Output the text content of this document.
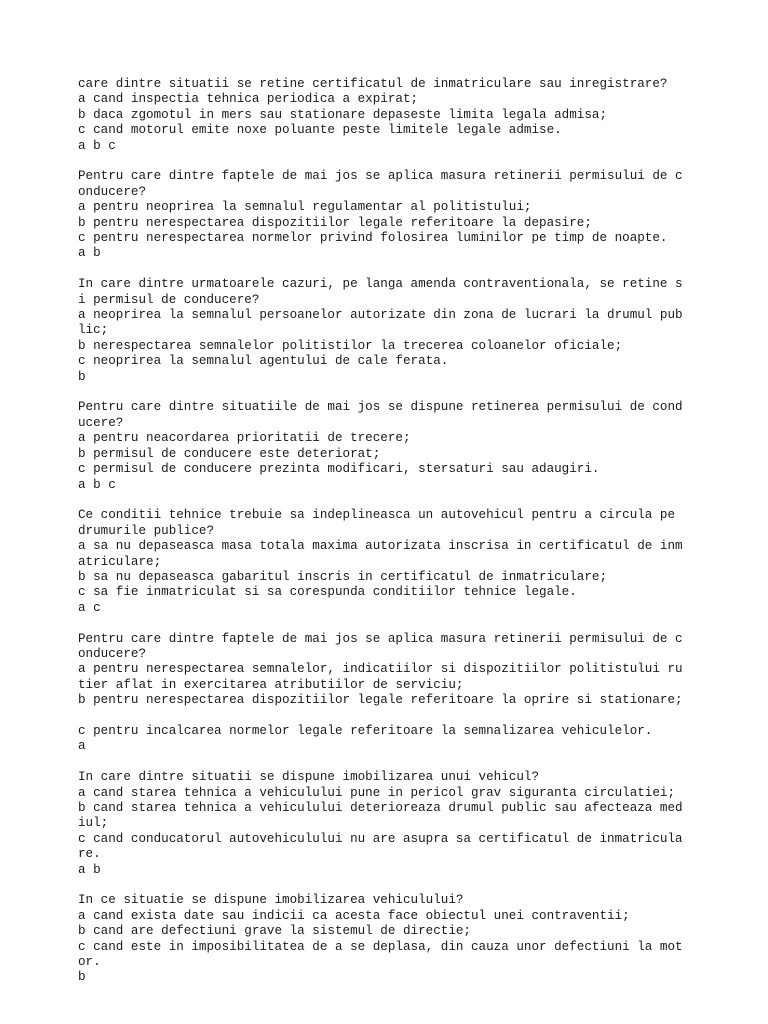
care dintre situatii se retine certificatul de inmatriculare sau inregistrare?
a cand inspectia tehnica periodica a expirat;
b daca zgomotul in mers sau stationare depaseste limita legala admisa;
c cand motorul emite noxe poluante peste limitele legale admise.
a b c
Pentru care dintre faptele de mai jos se aplica masura retinerii permisului de c
onducere?
a pentru neoprirea la semnalul regulamentar al politistului;
b pentru nerespectarea dispozitiilor legale referitoare la depasire;
c pentru nerespectarea normelor privind folosirea luminilor pe timp de noapte.
a b
In care dintre urmatoarele cazuri, pe langa amenda contraventionala, se retine s
i permisul de conducere?
a neoprirea la semnalul persoanelor autorizate din zona de lucrari la drumul pub
lic;
b nerespectarea semnalelor politistilor la trecerea coloanelor oficiale;
c neoprirea la semnalul agentului de cale ferata.
b
Pentru care dintre situatiile de mai jos se dispune retinerea permisului de cond
ucere?
a pentru neacordarea prioritatii de trecere;
b permisul de conducere este deteriorat;
c permisul de conducere prezinta modificari, stersaturi sau adaugiri.
a b c
Ce conditii tehnice trebuie sa indeplineasca un autovehicul pentru a circula pe
drumurile publice?
a sa nu depaseasca masa totala maxima autorizata inscrisa in certificatul de inm
atriculare;
b sa nu depaseasca gabaritul inscris in certificatul de inmatriculare;
c sa fie inmatriculat si sa corespunda conditiilor tehnice legale.
a c
Pentru care dintre faptele de mai jos se aplica masura retinerii permisului de c
onducere?
a pentru nerespectarea semnalelor, indicatiilor si dispozitiilor politistului ru
tier aflat in exercitarea atributiilor de serviciu;
b pentru nerespectarea dispozitiilor legale referitoare la oprire si stationare;
c pentru incalcarea normelor legale referitoare la semnalizarea vehiculelor.
a
In care dintre situatii se dispune imobilizarea unui vehicul?
a cand starea tehnica a vehiculului pune in pericol grav siguranta circulatiei;
b cand starea tehnica a vehiculului deterioreaza drumul public sau afecteaza med
iul;
c cand conducatorul autovehiculului nu are asupra sa certificatul de inmatricula
re.
a b
In ce situatie se dispune imobilizarea vehiculului?
a cand exista date sau indicii ca acesta face obiectul unei contraventii;
b cand are defectiuni grave la sistemul de directie;
c cand este in imposibilitatea de a se deplasa, din cauza unor defectiuni la mot
or.
b
